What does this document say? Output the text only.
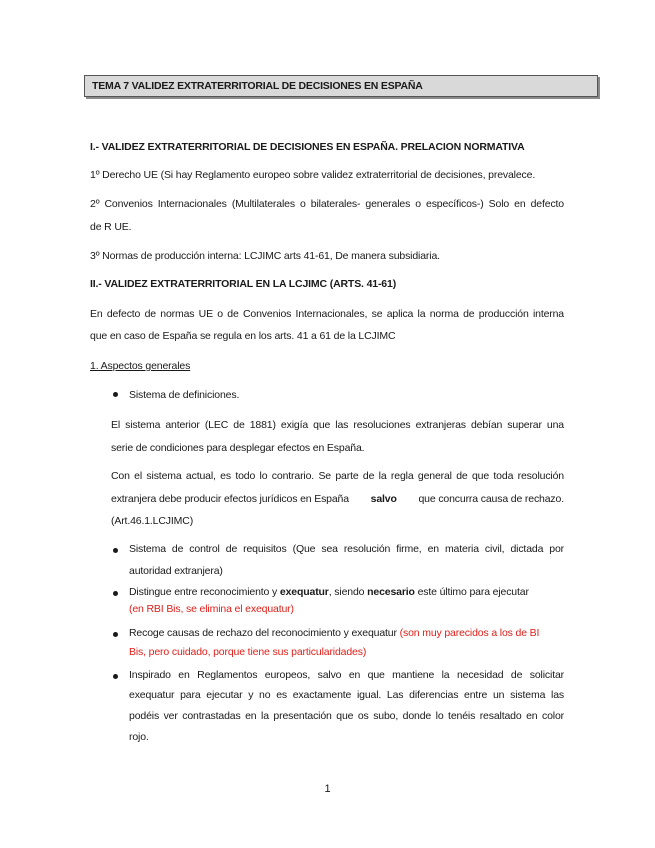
TEMA 7 VALIDEZ EXTRATERRITORIAL DE DECISIONES EN ESPAÑA
I.- VALIDEZ EXTRATERRITORIAL DE DECISIONES EN ESPAÑA. PRELACION NORMATIVA
1º Derecho UE (Si hay Reglamento europeo sobre validez extraterritorial de decisiones, prevalece.
2º Convenios Internacionales (Multilaterales o bilaterales- generales o específicos-) Solo en defecto
de R UE.
3º Normas de producción interna: LCJIMC arts 41-61, De manera subsidiaria.
II.- VALIDEZ EXTRATERRITORIAL EN LA LCJIMC (ARTS. 41-61)
En defecto de normas UE o de Convenios Internacionales, se aplica la norma de producción interna
que en caso de España se regula en los arts. 41 a 61 de la LCJIMC
1. Aspectos generales
Sistema de definiciones.
El sistema anterior (LEC de 1881) exigía que las resoluciones extranjeras debían superar una
serie de condiciones para desplegar efectos en España.
Con el sistema actual, es todo lo contrario. Se parte de la regla general de que toda resolución
extranjera debe producir efectos jurídicos en España salvo que concurra causa de rechazo.
(Art.46.1.LCJIMC)
Sistema de control de requisitos (Que sea resolución firme, en materia civil, dictada por
autoridad extranjera)
Distingue entre reconocimiento y exequatur, siendo necesario este último para ejecutar
(en RBI Bis, se elimina el exequatur)
Recoge causas de rechazo del reconocimiento y exequatur (son muy parecidos a los de BI
Bis, pero cuidado, porque tiene sus particularidades)
Inspirado en Reglamentos europeos, salvo en que mantiene la necesidad de solicitar
exequatur para ejecutar y no es exactamente igual. Las diferencias entre un sistema las
podéis ver contrastadas en la presentación que os subo, donde lo tenéis resaltado en color
rojo.
1
